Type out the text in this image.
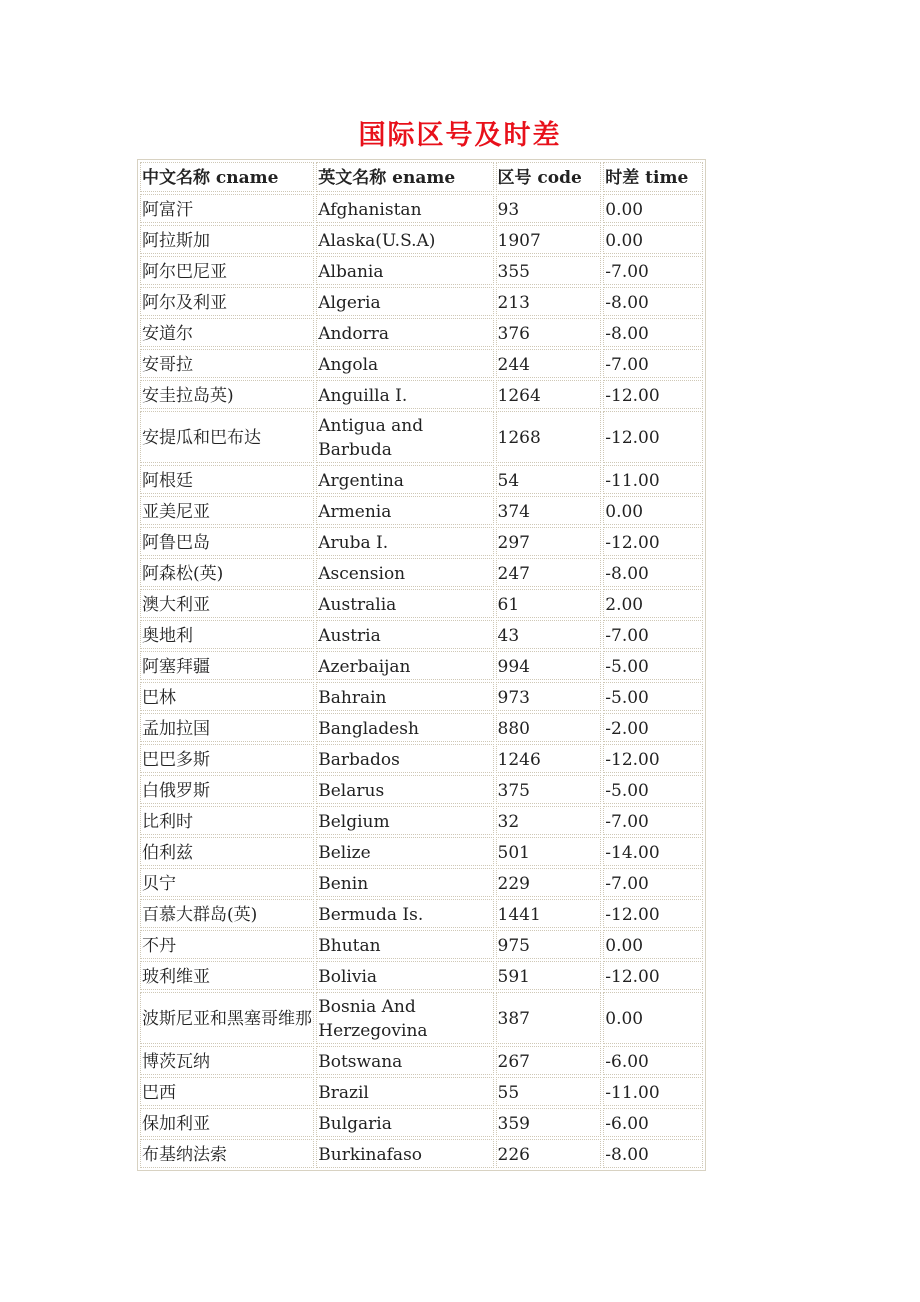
国际区号及时差
中文名称 cname	英文名称 ename	区号 code	时差 time
阿富汗	Afghanistan	93	0.00
阿拉斯加	Alaska(U.S.A)	1907	0.00
阿尔巴尼亚	Albania	355	-7.00
阿尔及利亚	Algeria	213	-8.00
安道尔	Andorra	376	-8.00
安哥拉	Angola	244	-7.00
安圭拉岛英)	Anguilla I.	1264	-12.00
安提瓜和巴布达	Antigua and Barbuda	1268	-12.00
阿根廷	Argentina	54	-11.00
亚美尼亚	Armenia	374	0.00
阿鲁巴岛	Aruba I.	297	-12.00
阿森松(英)	Ascension	247	-8.00
澳大利亚	Australia	61	2.00
奥地利	Austria	43	-7.00
阿塞拜疆	Azerbaijan	994	-5.00
巴林	Bahrain	973	-5.00
孟加拉国	Bangladesh	880	-2.00
巴巴多斯	Barbados	1246	-12.00
白俄罗斯	Belarus	375	-5.00
比利时	Belgium	32	-7.00
伯利兹	Belize	501	-14.00
贝宁	Benin	229	-7.00
百慕大群岛(英)	Bermuda Is.	1441	-12.00
不丹	Bhutan	975	0.00
玻利维亚	Bolivia	591	-12.00
波斯尼亚和黑塞哥维那	Bosnia And Herzegovina	387	0.00
博茨瓦纳	Botswana	267	-6.00
巴西	Brazil	55	-11.00
保加利亚	Bulgaria	359	-6.00
布基纳法索	Burkinafaso	226	-8.00
